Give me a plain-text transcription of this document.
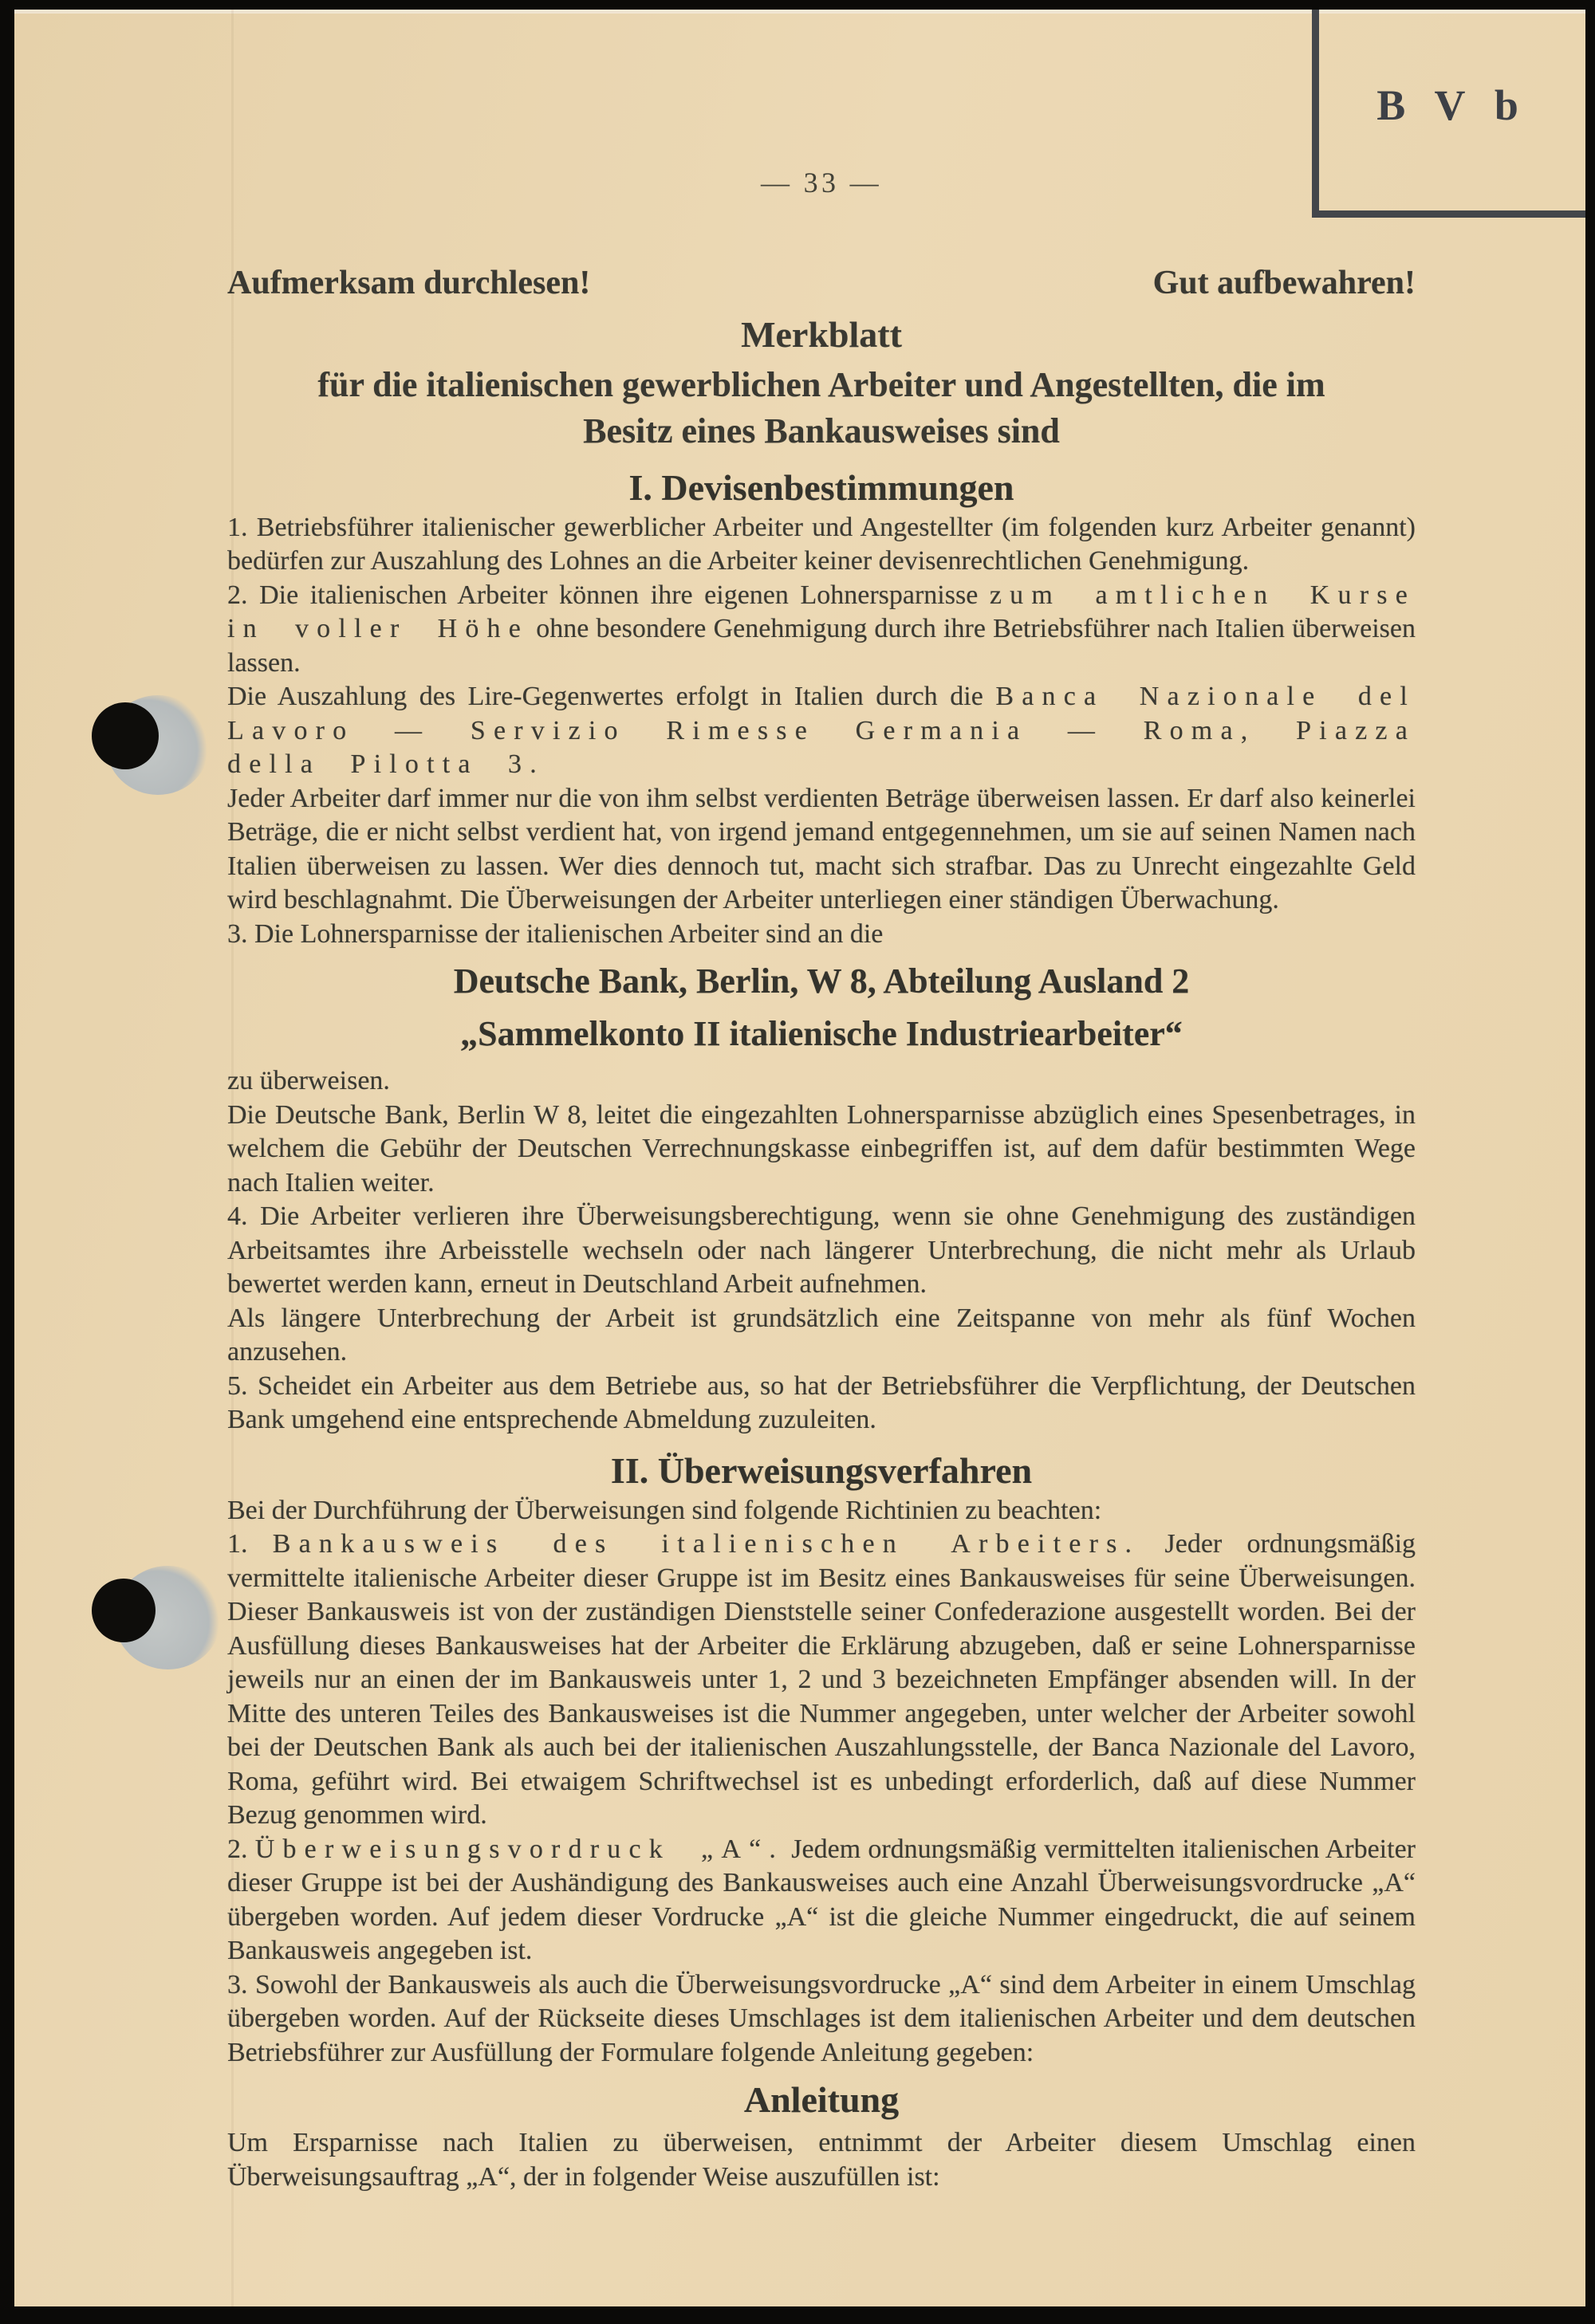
B V b
— 33 —
Aufmerksam durchlesen!	Gut aufbewahren!
Merkblatt
für die italienischen gewerblichen Arbeiter und Angestellten, die im
Besitz eines Bankausweises sind
I. Devisenbestimmungen

1. Betriebsführer italienischer gewerblicher Arbeiter und Angestellter (im folgenden kurz Arbeiter genannt) bedürfen zur Auszahlung des Lohnes an die Arbeiter keiner devisenrechtlichen Genehmigung.

2. Die italienischen Arbeiter können ihre eigenen Lohnersparnisse zum amtlichen Kurse in voller Höhe ohne besondere Genehmigung durch ihre Betriebsführer nach Italien überweisen lassen.

Die Auszahlung des Lire-Gegenwertes erfolgt in Italien durch die Banca Nazionale del Lavoro — Servizio Rimesse Germania — Roma, Piazza della Pilotta 3.

Jeder Arbeiter darf immer nur die von ihm selbst verdienten Beträge überweisen lassen. Er darf also keinerlei Beträge, die er nicht selbst verdient hat, von irgend jemand entgegennehmen, um sie auf seinen Namen nach Italien überweisen zu lassen. Wer dies dennoch tut, macht sich strafbar. Das zu Unrecht eingezahlte Geld wird beschlagnahmt. Die Überweisungen der Arbeiter unterliegen einer ständigen Überwachung.

3. Die Lohnersparnisse der italienischen Arbeiter sind an die

Deutsche Bank, Berlin, W 8, Abteilung Ausland 2

„Sammelkonto II italienische Industriearbeiter“

zu überweisen.

Die Deutsche Bank, Berlin W 8, leitet die eingezahlten Lohnersparnisse abzüglich eines Spesenbetrages, in welchem die Gebühr der Deutschen Verrechnungskasse einbegriffen ist, auf dem dafür bestimmten Wege nach Italien weiter.

4. Die Arbeiter verlieren ihre Überweisungsberechtigung, wenn sie ohne Genehmigung des zuständigen Arbeitsamtes ihre Arbeisstelle wechseln oder nach längerer Unterbrechung, die nicht mehr als Urlaub bewertet werden kann, erneut in Deutschland Arbeit aufnehmen.

Als längere Unterbrechung der Arbeit ist grundsätzlich eine Zeitspanne von mehr als fünf Wochen anzusehen.

5. Scheidet ein Arbeiter aus dem Betriebe aus, so hat der Betriebsführer die Verpflichtung, der Deutschen Bank umgehend eine entsprechende Abmeldung zuzuleiten.

II. Überweisungsverfahren

Bei der Durchführung der Überweisungen sind folgende Richtinien zu beachten:

1. Bankausweis des italienischen Arbeiters. Jeder ordnungsmäßig vermittelte italienische Arbeiter dieser Gruppe ist im Besitz eines Bankausweises für seine Überweisungen. Dieser Bankausweis ist von der zuständigen Dienststelle seiner Confederazione ausgestellt worden. Bei der Ausfüllung dieses Bankausweises hat der Arbeiter die Erklärung abzugeben, daß er seine Lohnersparnisse jeweils nur an einen der im Bankausweis unter 1, 2 und 3 bezeichneten Empfänger absenden will. In der Mitte des unteren Teiles des Bankausweises ist die Nummer angegeben, unter welcher der Arbeiter sowohl bei der Deutschen Bank als auch bei der italienischen Auszahlungsstelle, der Banca Nazionale del Lavoro, Roma, geführt wird. Bei etwaigem Schriftwechsel ist es unbedingt erforderlich, daß auf diese Nummer Bezug genommen wird.

2. Überweisungsvordruck „A“. Jedem ordnungsmäßig vermittelten italienischen Arbeiter dieser Gruppe ist bei der Aushändigung des Bankausweises auch eine Anzahl Überweisungsvordrucke „A“ übergeben worden. Auf jedem dieser Vordrucke „A“ ist die gleiche Nummer eingedruckt, die auf seinem Bankausweis angegeben ist.

3. Sowohl der Bankausweis als auch die Überweisungsvordrucke „A“ sind dem Arbeiter in einem Umschlag übergeben worden. Auf der Rückseite dieses Umschlages ist dem italienischen Arbeiter und dem deutschen Betriebsführer zur Ausfüllung der Formulare folgende Anleitung gegeben:

Anleitung

Um Ersparnisse nach Italien zu überweisen, entnimmt der Arbeiter diesem Umschlag einen Überweisungsauftrag „A“, der in folgender Weise auszufüllen ist:
